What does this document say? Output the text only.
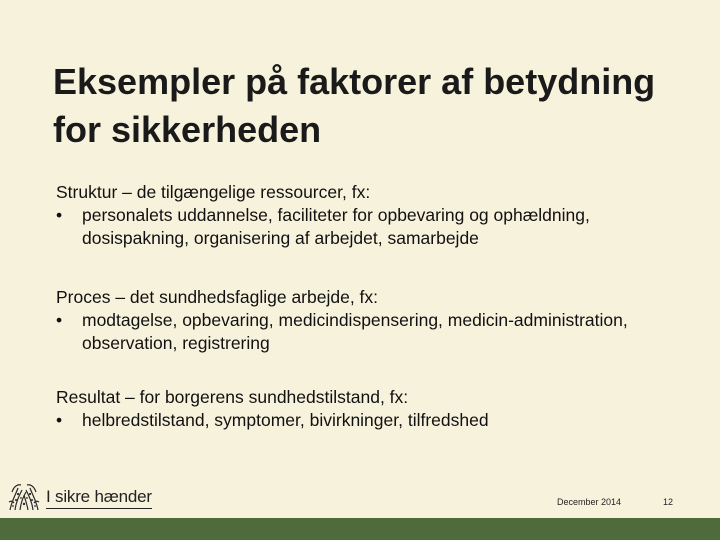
Eksempler på faktorer af betydning for sikkerheden
Struktur – de tilgængelige ressourcer, fx:
•	personalets uddannelse, faciliteter for opbevaring og ophældning, dosispakning, organisering af arbejdet, samarbejde
Proces – det sundhedsfaglige arbejde, fx:
•	modtagelse, opbevaring, medicindispensering, medicin-administration, observation, registrering
Resultat – for borgerens sundhedstilstand, fx:
•	helbredstilstand, symptomer, bivirkninger, tilfredshed
I sikre hænder	December 2014	12
